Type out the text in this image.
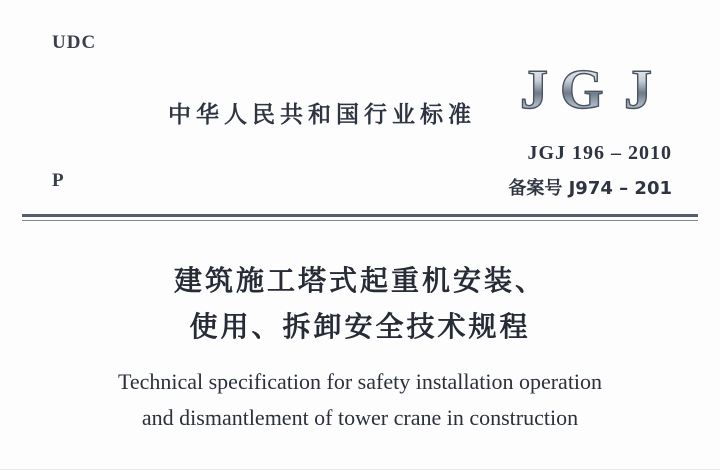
UDC
P
中华人民共和国行业标准 J G J
JGJ 196 – 2010
备案号 J974 – 201
建筑施工塔式起重机安装、
使用、拆卸安全技术规程
Technical specification for safety installation operation
and dismantlement of tower crane in construction
